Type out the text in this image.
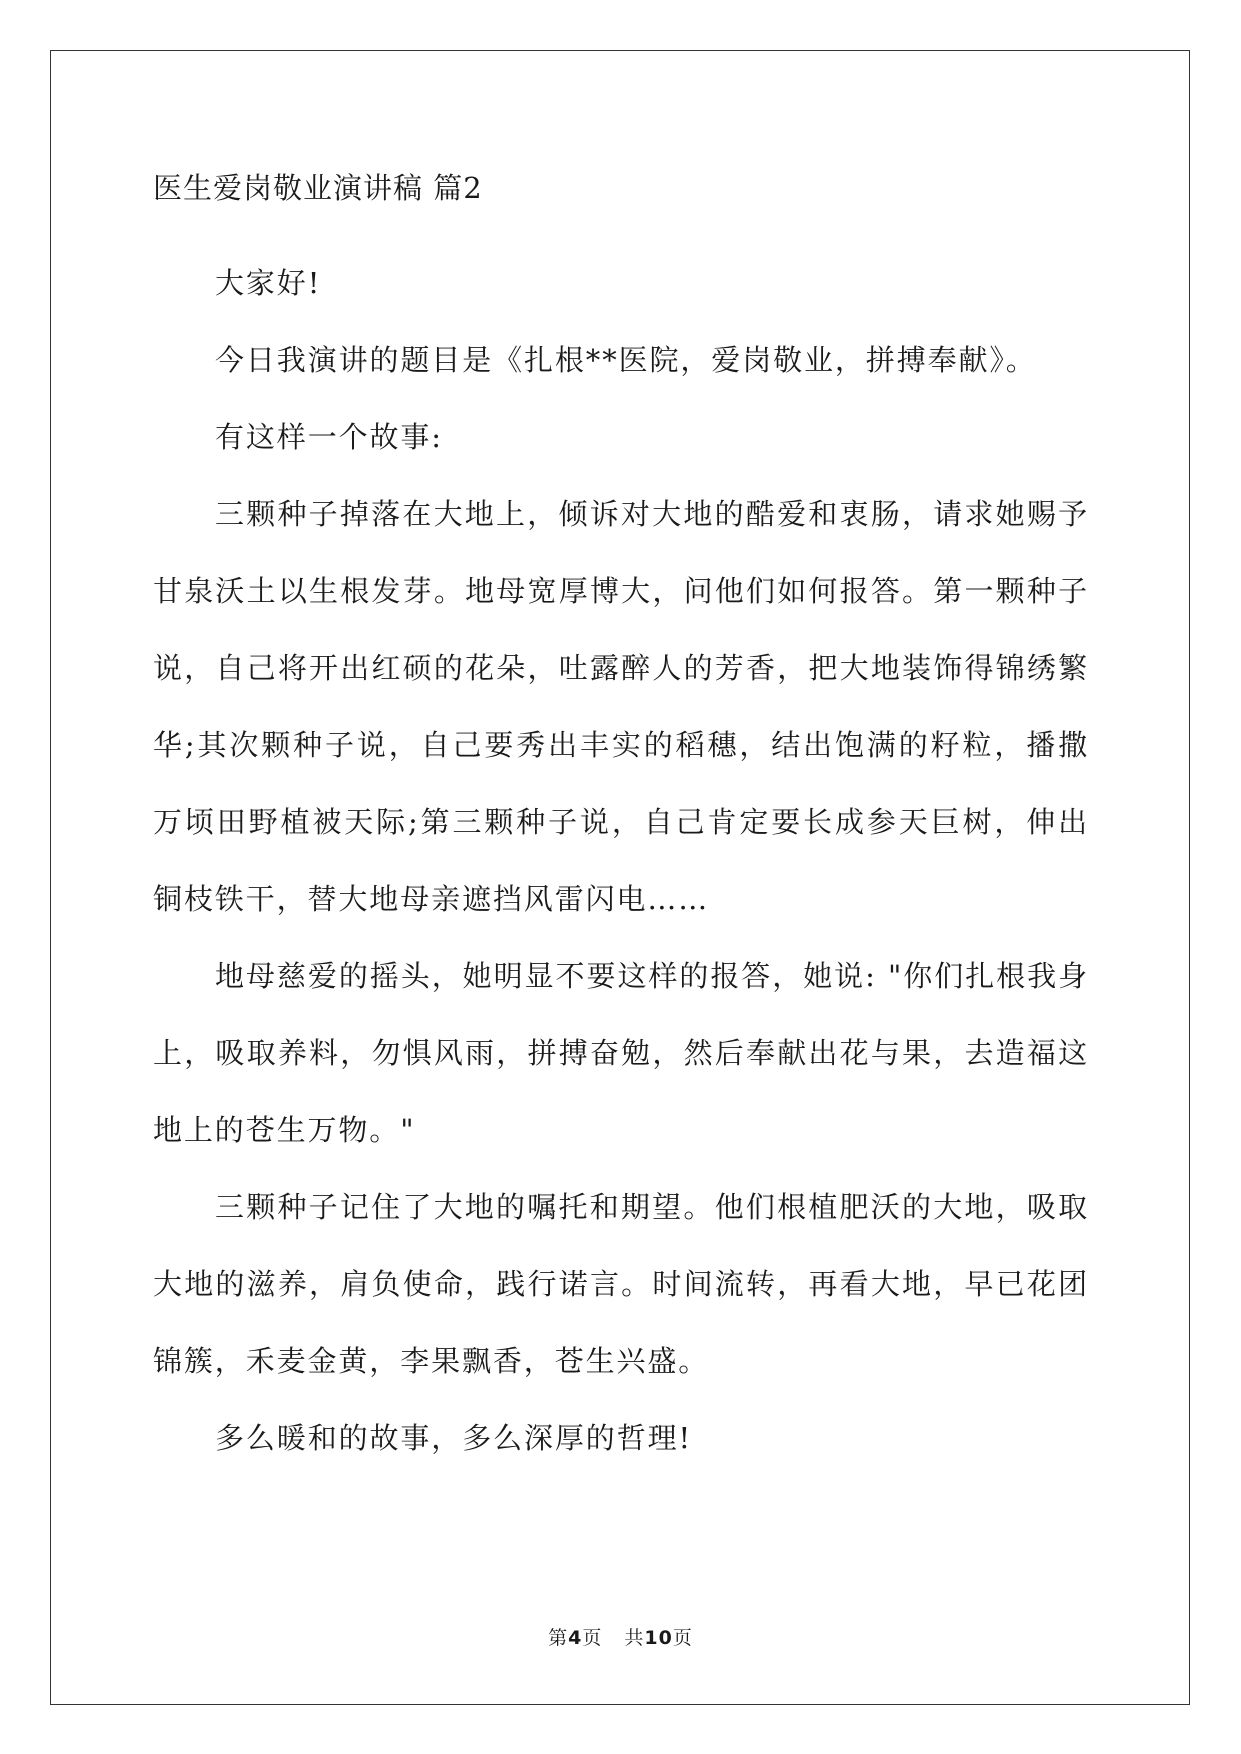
医生爱岗敬业演讲稿 篇2

大家好!

今日我演讲的题目是《扎根**医院，爱岗敬业，拼搏奉献》。

有这样一个故事:

三颗种子掉落在大地上，倾诉对大地的酷爱和衷肠，请求她赐予甘泉沃土以生根发芽。地母宽厚博大，问他们如何报答。第一颗种子说，自己将开出红硕的花朵，吐露醉人的芳香，把大地装饰得锦绣繁华;其次颗种子说，自己要秀出丰实的稻穗，结出饱满的籽粒，播撒万顷田野植被天际;第三颗种子说，自己肯定要长成参天巨树，伸出铜枝铁干，替大地母亲遮挡风雷闪电……

地母慈爱的摇头，她明显不要这样的报答，她说: "你们扎根我身上，吸取养料，勿惧风雨，拼搏奋勉，然后奉献出花与果，去造福这地上的苍生万物。"

三颗种子记住了大地的嘱托和期望。他们根植肥沃的大地，吸取大地的滋养，肩负使命，践行诺言。时间流转，再看大地，早已花团锦簇，禾麦金黄，李果飘香，苍生兴盛。

多么暖和的故事，多么深厚的哲理!

第4页 共10页
